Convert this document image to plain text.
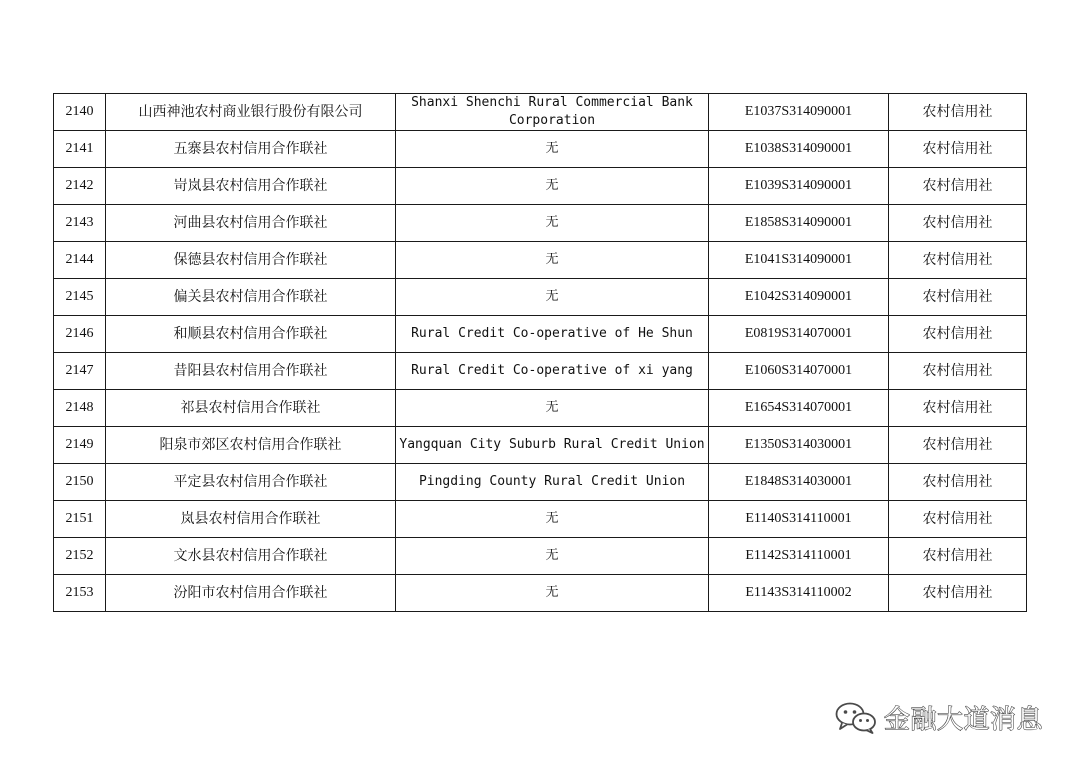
2140	山西神池农村商业银行股份有限公司	Shanxi Shenchi Rural Commercial Bank Corporation	E1037S314090001	农村信用社
2141	五寨县农村信用合作联社	无	E1038S314090001	农村信用社
2142	岢岚县农村信用合作联社	无	E1039S314090001	农村信用社
2143	河曲县农村信用合作联社	无	E1858S314090001	农村信用社
2144	保德县农村信用合作联社	无	E1041S314090001	农村信用社
2145	偏关县农村信用合作联社	无	E1042S314090001	农村信用社
2146	和顺县农村信用合作联社	Rural Credit Co-operative of He Shun	E0819S314070001	农村信用社
2147	昔阳县农村信用合作联社	Rural Credit Co-operative of xi yang	E1060S314070001	农村信用社
2148	祁县农村信用合作联社	无	E1654S314070001	农村信用社
2149	阳泉市郊区农村信用合作联社	Yangquan City Suburb Rural Credit Union	E1350S314030001	农村信用社
2150	平定县农村信用合作联社	Pingding County Rural Credit Union	E1848S314030001	农村信用社
2151	岚县农村信用合作联社	无	E1140S314110001	农村信用社
2152	文水县农村信用合作联社	无	E1142S314110001	农村信用社
2153	汾阳市农村信用合作联社	无	E1143S314110002	农村信用社
金融大道消息
